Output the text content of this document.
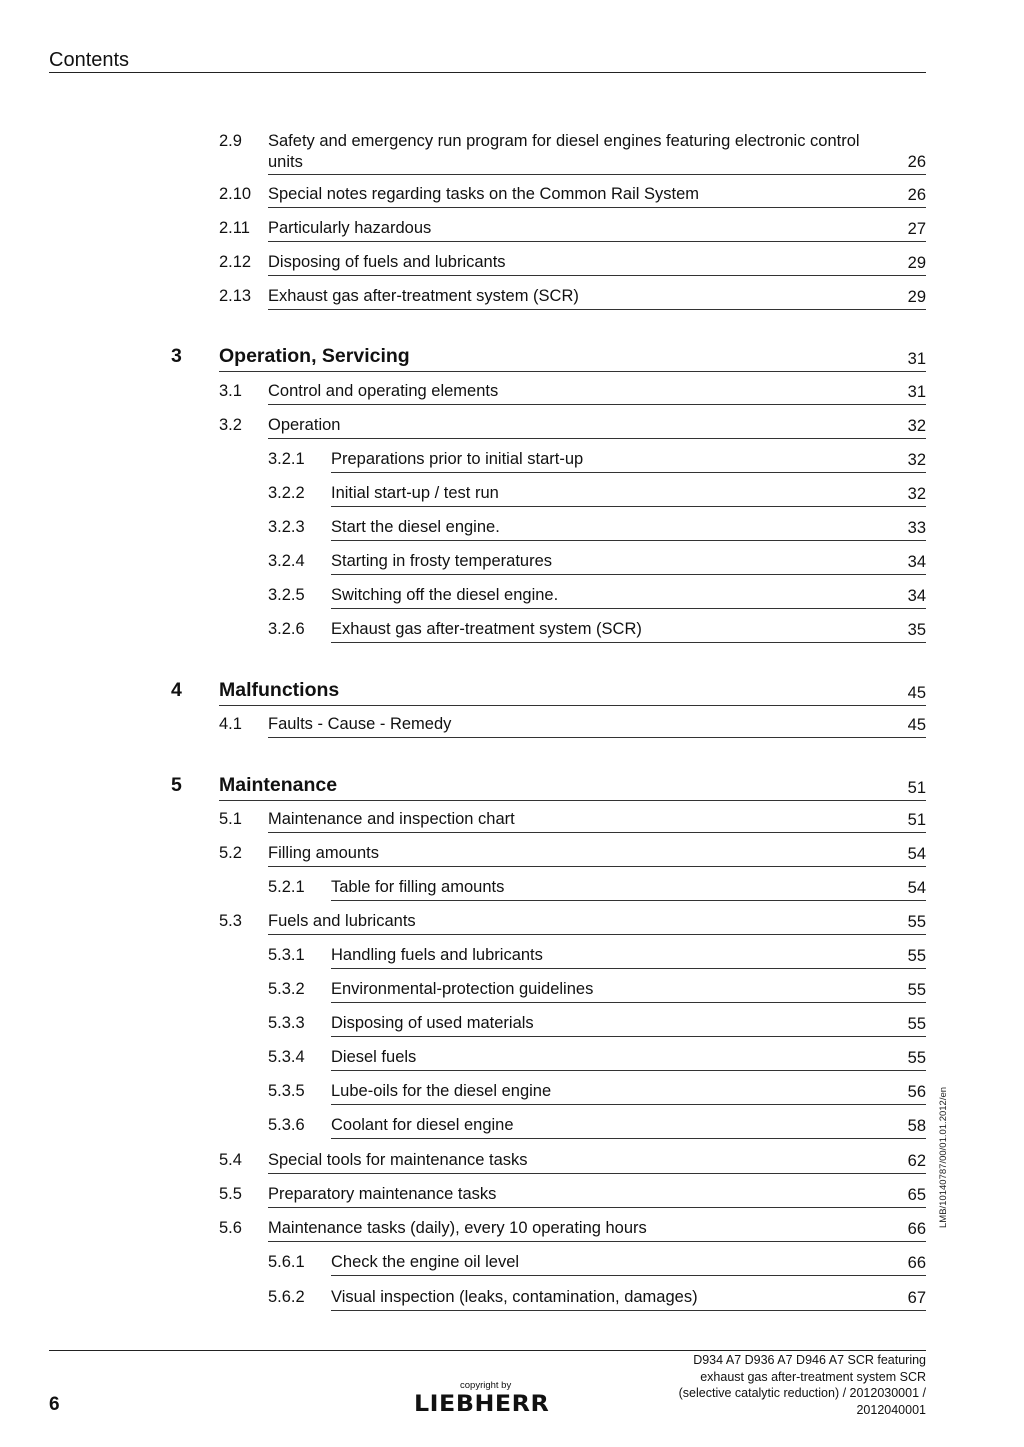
Contents
2.9 Safety and emergency run program for diesel engines featuring electronic control units	26
2.10 Special notes regarding tasks on the Common Rail System	26
2.11 Particularly hazardous	27
2.12 Disposing of fuels and lubricants	29
2.13 Exhaust gas after-treatment system (SCR)	29
3 Operation, Servicing	31
3.1 Control and operating elements	31
3.2 Operation	32
3.2.1 Preparations prior to initial start-up	32
3.2.2 Initial start-up / test run	32
3.2.3 Start the diesel engine.	33
3.2.4 Starting in frosty temperatures	34
3.2.5 Switching off the diesel engine.	34
3.2.6 Exhaust gas after-treatment system (SCR)	35
4 Malfunctions	45
4.1 Faults - Cause - Remedy	45
5 Maintenance	51
5.1 Maintenance and inspection chart	51
5.2 Filling amounts	54
5.2.1 Table for filling amounts	54
5.3 Fuels and lubricants	55
5.3.1 Handling fuels and lubricants	55
5.3.2 Environmental-protection guidelines	55
5.3.3 Disposing of used materials	55
5.3.4 Diesel fuels	55
5.3.5 Lube-oils for the diesel engine	56
5.3.6 Coolant for diesel engine	58
5.4 Special tools for maintenance tasks	62
5.5 Preparatory maintenance tasks	65
5.6 Maintenance tasks (daily), every 10 operating hours	66
5.6.1 Check the engine oil level	66
5.6.2 Visual inspection (leaks, contamination, damages)	67
LMB/10140787/00/01.01.2012/en
6
copyright by
LIEBHERR
D934 A7 D936 A7 D946 A7 SCR featuring
exhaust gas after-treatment system SCR
(selective catalytic reduction) / 2012030001 /
2012040001
